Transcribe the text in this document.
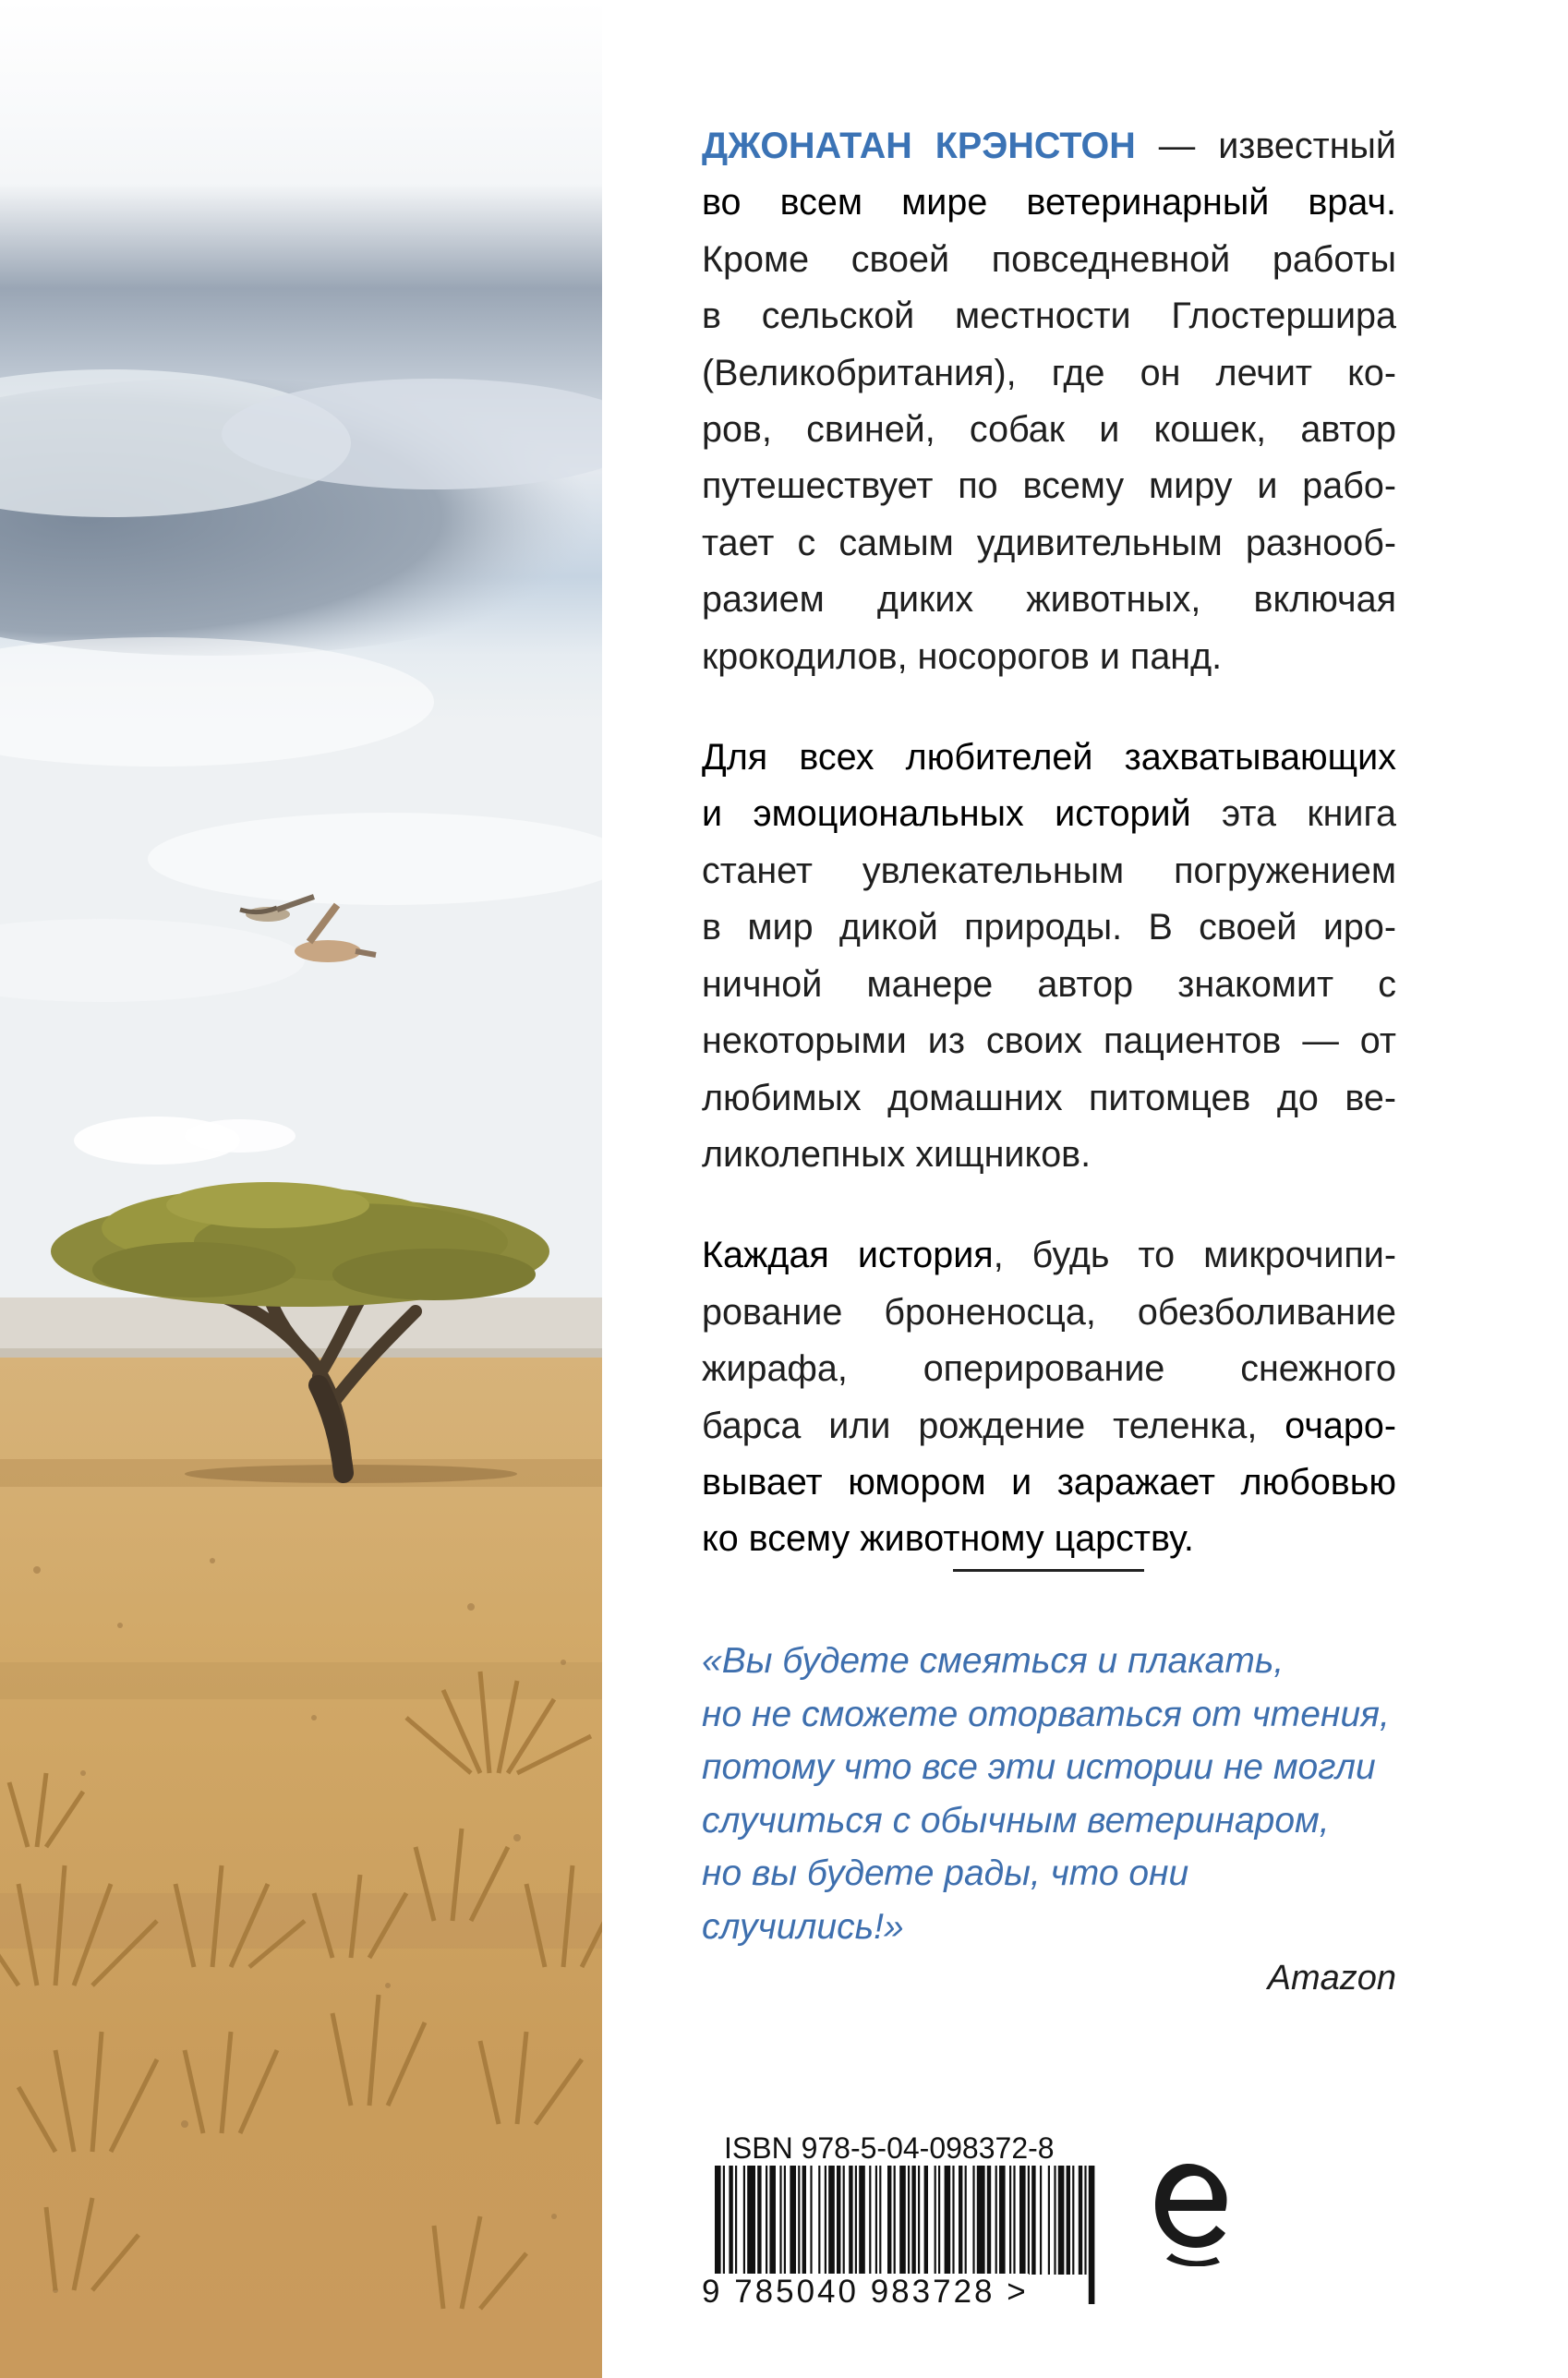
ДЖОНАТАН КРЭНСТОН — известный
во всем мире ветеринарный врач.
Кроме своей повседневной работы
в сельской местности Глостершира
(Великобритания), где он лечит ко-
ров, свиней, собак и кошек, автор
путешествует по всему миру и рабо-
тает с самым удивительным разнооб-
разием диких животных, включая
крокодилов, носорогов и панд.
Для всех любителей захватывающих
и эмоциональных историй эта книга
станет увлекательным погружением
в мир дикой природы. В своей иро-
ничной манере автор знакомит с
некоторыми из своих пациентов — от
любимых домашних питомцев до ве-
ликолепных хищников.
Каждая история, будь то микрочипи-
рование броненосца, обезболивание
жирафа, оперирование снежного
барса или рождение теленка, очаро-
вывает юмором и заражает любовью
ко всему животному царству.
«Вы будете смеяться и плакать,
но не сможете оторваться от чтения,
потому что все эти истории не могли
случиться с обычным ветеринаром,
но вы будете рады, что они
случились!»
Amazon
ISBN 978-5-04-098372-8
9 785040 983728 >
